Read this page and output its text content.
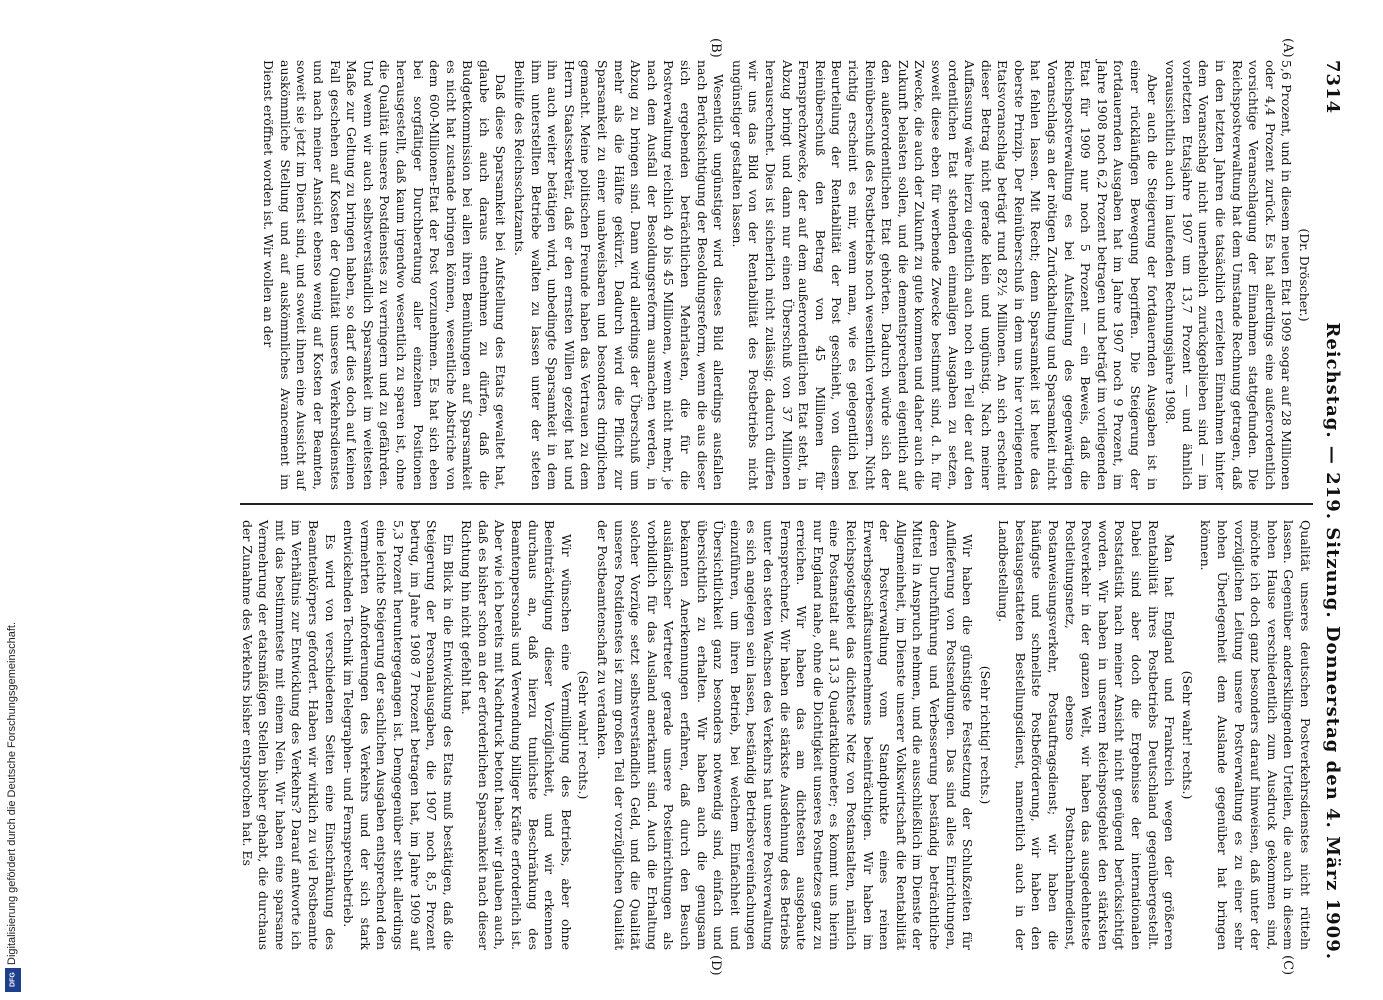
7314
Reichstag. — 219. Sitzung. Donnerstag den 4. März 1909.
(A)
(B)
(C)
(D)

(Dr. Dröscher.)

5,6 Prozent, und in diesem neuen Etat 1909 sogar auf 28 Millionen oder 4,4 Prozent zurück. Es hat allerdings eine außerordentlich vorsichtige Veranschlagung der Einnahmen stattgefunden. Die Reichspostverwaltung hat dem Umstande Rechnung getragen, daß in den letzten Jahren die tatsächlich erzielten Einnahmen hinter dem Voranschlag nicht unerheblich zurückgeblieben sind — im vorletzten Etatsjahre 1907 um 13,7 Prozent — und ähnlich voraussichtlich auch im laufenden Rechnungsjahre 1908.

Aber auch die Steigerung der fortdauernden Ausgaben ist in einer rückläufigen Bewegung begriffen. Die Steigerung der fortdauernden Ausgaben hat im Jahre 1907 noch 9 Prozent, im Jahre 1908 noch 6,2 Prozent betragen und beträgt im vorliegenden Etat für 1909 nur noch 5 Prozent — ein Beweis, daß die Reichspostverwaltung es bei Aufstellung des gegenwärtigen Voranschlags an der nötigen Zurückhaltung und Sparsamkeit nicht hat fehlen lassen. Mit Recht; denn Sparsamkeit ist heute das oberste Prinzip. Der Reinüberschuß in dem uns hier vorliegenden Etatsvoranschlag beträgt rund 82½ Millionen. An sich erscheint dieser Betrag nicht gerade klein und ungünstig. Nach meiner Auffassung wäre hierzu eigentlich auch noch ein Teil der auf den ordentlichen Etat stehenden einmaligen Ausgaben zu setzen, soweit diese eben für werbende Zwecke bestimmt sind, d. h. für Zwecke, die auch der Zukunft zu gute kommen und daher auch die Zukunft belasten sollen, und die dementsprechend eigentlich auf den außerordentlichen Etat gehörten. Dadurch würde sich der Reinüberschuß des Postbetriebs noch wesentlich verbessern. Nicht richtig erscheint es mir, wenn man, wie es gelegentlich bei Beurteilung der Rentabilität der Post geschieht, von diesem Reinüberschuß den Betrag von 45 Millionen für Fernsprechzwecke, der auf dem außerordentlichen Etat steht, in Abzug bringt und dann nur einen Überschuß von 37 Millionen herausrechnet. Dies ist sicherlich nicht zulässig; dadurch dürfen wir uns das Bild von der Rentabilität des Postbetriebs nicht ungünstiger gestalten lassen.

Wesentlich ungünstiger wird dieses Bild allerdings ausfallen nach Berücksichtigung der Besoldungsreform, wenn die aus dieser sich ergebenden beträchtlichen Mehrlasten, die für die Postverwaltung reichlich 40 bis 45 Millionen, wenn nicht mehr, je nach dem Ausfall der Besoldungsreform ausmachen werden, in Abzug zu bringen sind. Dann wird allerdings der Überschuß um mehr als die Hälfte gekürzt. Dadurch wird die Pflicht zur Sparsamkeit zu einer unabweisbaren und besonders dringlichen gemacht. Meine politischen Freunde haben das Vertrauen zu dem Herrn Staatssekretär, daß er den ernsten Willen gezeigt hat und ihn auch weiter betätigen wird, unbedingte Sparsamkeit in dem ihm unterstellten Betriebe walten zu lassen unter der steten Beihilfe des Reichsschatzamts.

Daß diese Sparsamkeit bei Aufstellung des Etats gewaltet hat, glaube ich auch daraus entnehmen zu dürfen, daß die Budgetkommission bei allen ihren Bemühungen auf Sparsamkeit es nicht hat zustande bringen können, wesentliche Abstriche von dem 600-Millionen-Etat der Post vorzunehmen. Es hat sich eben bei sorgfältiger Durchberatung aller einzelnen Positionen herausgestellt, daß kaum irgendwo wesentlich zu sparen ist, ohne die Qualität unseres Postdienstes zu verringern und zu gefährden. Und wenn wir auch selbstverständlich Sparsamkeit im weitesten Maße zur Geltung zu bringen haben, so darf dies doch auf keinen Fall geschehen auf Kosten der Qualität unseres Verkehrsdienstes und nach meiner Ansicht ebenso wenig auf Kosten der Beamten, soweit sie jetzt im Dienst sind, und soweit ihnen eine Aussicht auf auskömmliche Stellung und auf auskömmliches Avancement im Dienst eröffnet worden ist. Wir wollen an der

Qualität unseres deutschen Postverkehrsdienstes nicht rütteln lassen. Gegenüber andersklingenden Urteilen, die auch in diesem hohen Hause verschiedentlich zum Ausdruck gekommen sind, möchte ich doch ganz besonders darauf hinweisen, daß unter der vorzüglichen Leitung unsere Postverwaltung es zu einer sehr hohen Überlegenheit dem Auslande gegenüber hat bringen können.

(Sehr wahr! rechts.)

Man hat England und Frankreich wegen der größeren Rentabilität ihres Postbetriebs Deutschland gegenübergestellt. Dabei sind aber doch die Ergebnisse der internationalen Poststatistik nach meiner Ansicht nicht genügend berücksichtigt worden. Wir haben in unserem Reichspostgebiet den stärksten Postverkehr in der ganzen Welt, wir haben das ausgedehnteste Postleitungsnetz, ebenso Postnachnahmedienst, Postanweisungsverkehr, Postauftragsdienst; wir haben die häufigste und schnellste Postbeförderung, wir haben den bestausgestatteten Bestellungsdienst, namentlich auch in der Landbestellung.

(Sehr richtig! rechts.)

Wir haben die günstigste Festsetzung der Schlußzeiten für Auflieferung von Postsendungen. Das sind alles Einrichtungen, deren Durchführung und Verbesserung beständig beträchtliche Mittel in Anspruch nehmen, und die ausschließlich im Dienste der Allgemeinheit, im Dienste unserer Volkswirtschaft die Rentabilität der Postverwaltung vom Standpunkte eines reinen Erwerbsgeschäftsunternehmens beeinträchtigen. Wir haben im Reichspostgebiet das dichteste Netz von Postanstalten, nämlich eine Postanstalt auf 13,3 Quadratkilometer; es kommt uns hierin nur England nahe, ohne die Dichtigkeit unseres Postnetzes ganz zu erreichen. Wir haben das am dichtesten ausgebaute Fernsprechnetz. Wir haben die stärkste Ausdehnung des Betriebs unter den steten Wachsen des Verkehrs hat unsere Postverwaltung es sich angelegen sein lassen, beständig Betriebsvereinfachungen einzuführen, um ihren Betrieb, bei welchem Einfachheit und Übersichtlichkeit ganz besonders notwendig sind, einfach und übersichtlich zu erhalten. Wir haben auch die genugsam bekannten Anerkennungen erfahren, daß durch den Besuch ausländischer Vertreter gerade unsere Posteinrichtungen als vorbildlich für das Ausland anerkannt sind. Auch die Erhaltung solcher Vorzüge setzt selbstverständlich Geld, und die Qualität unseres Postdienstes ist zum großen Teil der vorzüglichen Qualität der Postbeamtenschaft zu verdanken.

(Sehr wahr! rechts.)

Wir wünschen eine Vermilligung des Betriebs, aber ohne Beeinträchtigung dieser Vorzüglichkeit, und wir erkennen durchaus an, daß hierzu tunlichste Beschränkung des Beamtenpersonals und Verwendung billiger Kräfte erforderlich ist. Aber wie ich bereits mit Nachdruck betont habe: wir glauben auch, daß es bisher schon an der erforderlichen Sparsamkeit nach dieser Richtung hin nicht gefehlt hat.

Ein Blick in die Entwicklung des Etats muß bestätigen, daß die Steigerung der Personalausgaben, die 1907 noch 8,5 Prozent betrug, im Jahre 1908 7 Prozent betragen hat, im Jahre 1909 auf 5,3 Prozent heruntergegangen ist. Demgegenüber steht allerdings eine leichte Steigerung der sachlichen Ausgaben entsprechend den vermehrten Anforderungen des Verkehrs und der sich stark entwickelnden Technik im Telegraphen- und Fernsprechbetrieb.

Es wird von verschiedenen Seiten eine Einschränkung des Beamtenkörpers gefordert. Haben wir wirklich zu viel Postbeamte im Verhältnis zur Entwicklung des Verkehrs? Darauf antworte ich mit das bestimmteste mit einem Nein. Wir haben eine sparsame Vermehrung der etatsmäßigen Stellen bisher gehabt, die durchaus der Zunahme des Verkehrs bisher entsprochen hat. Es

Digitalisierung gefördert durch die Deutsche Forschungsgemeinschaft.
DFG
